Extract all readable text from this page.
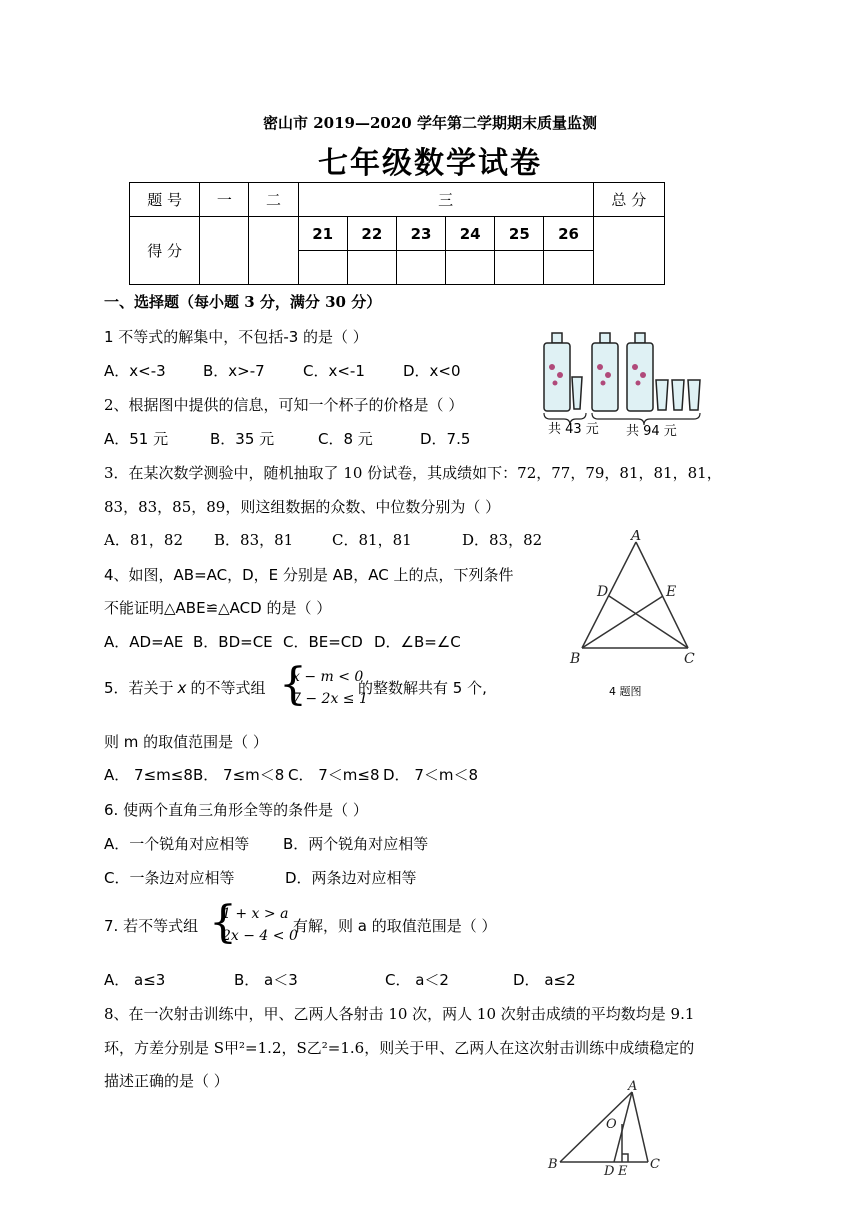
密山市 2019—2020 学年第二学期期末质量监测
七年级数学试卷
题 号	一	二	三						总 分
得 分			21	22	23	24	25	26	

一、选择题（每小题 3 分，满分 30 分）
1 不等式的解集中，不包括-3 的是（ ）
A．x<-3 B．x>-7	C．x<-1	D．x<0
共 43 元 共 94 元
2、根据图中提供的信息，可知一个杯子的价格是（ ）
A．51 元	B．35 元	C．8 元	D．7.5
3．在某次数学测验中，随机抽取了 10 份试卷，其成绩如下：72，77，79，81，81，81，
83，83，85，89，则这组数据的众数、中位数分别为（ ）
A．81，82 B．83，81	C．81，81	D．83，82	A
D	E
B	C
4 题图
4、如图，AB=AC，D，E 分别是 AB，AC 上的点，下列条件
不能证明△ABE≌△ACD 的是（ ）
A．AD=AE B．BD=CE C．BE=CD D．∠B=∠C
5．若关于 x 的不等式组 {
x − m < 0
7 − 2x ≤ 1
的整数解共有 5 个,
则 m 的取值范围是（ ）
A． 7≤m≤8 B． 7≤m＜8 C． 7＜m≤8 D． 7＜m＜8
6. 使两个直角三角形全等的条件是（ ）
A．一个锐角对应相等 B．两个锐角对应相等
C．一条边对应相等	D．两条边对应相等
7. 若不等式组 {
1 + x > a
2x − 4 < 0
有解，则 a 的取值范围是（ ）
A． a≤3	B． a＜3	C． a＜2	D． a≤2
8、在一次射击训练中，甲、乙两人各射击 10 次，两人 10 次射击成绩的平均数均是 9.1
环，方差分别是 S甲²=1.2，S乙²=1.6，则关于甲、乙两人在这次射击训练中成绩稳定的
描述正确的是（ ）	A
O
B	D E C
